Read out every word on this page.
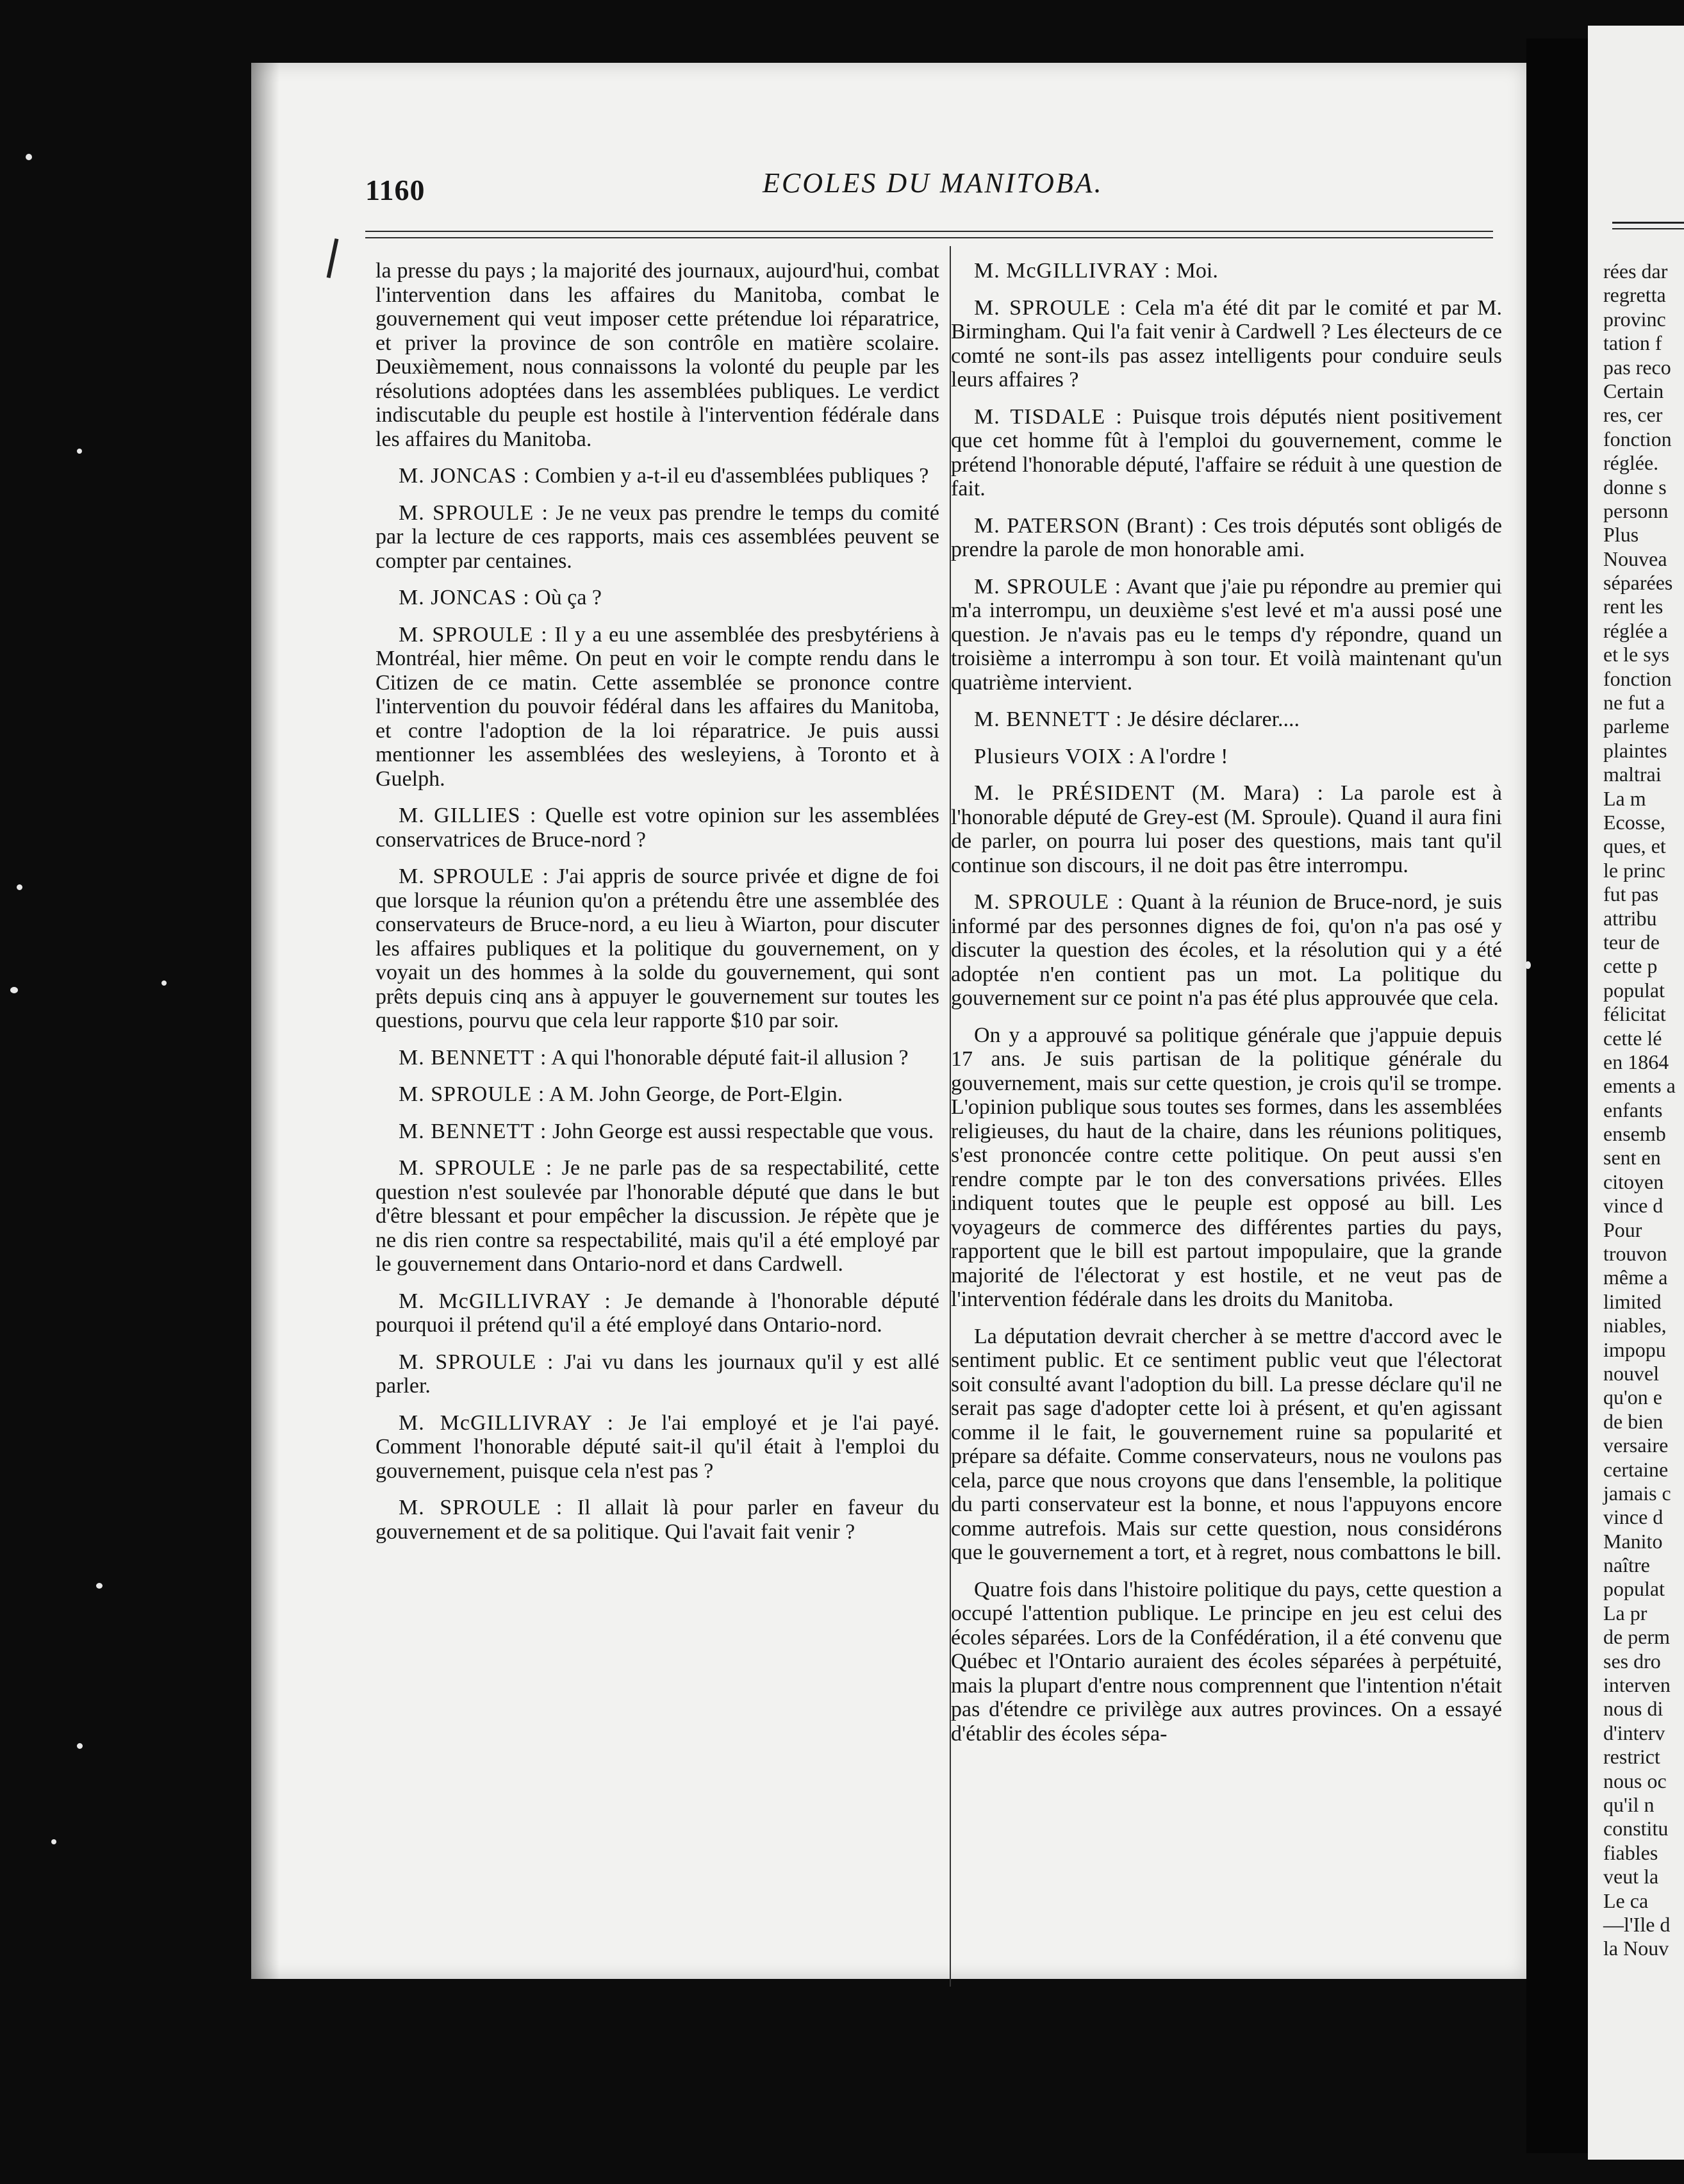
rées dar
regretta
provinc
tation f
pas reco
Certain
res, cer
fonction
réglée.
donne s
personn
Plus
Nouvea
séparées
rent les
réglée a
et le sys
fonction
ne fut a
parleme
plaintes
maltrai
La m
Ecosse,
ques, et
le princ
fut pas
attribu
teur de
cette p
populat
félicitat
cette lé
en 1864
ements a
enfants
ensemb
sent en
citoyen
vince d
Pour
trouvon
même a
limited
niables,
impopu
nouvel
qu'on e
de bien
versaire
certaine
jamais c
vince d
Manito
naître
populat
La pr
de perm
ses dro
interven
nous di
d'interv
restrict
nous oc
qu'il n
constitu
fiables
veut la
Le ca
—l'Ile d
la Nouv
1160	ECOLES DU MANITOBA.

la presse du pays ; la majorité des journaux, aujourd'hui, combat l'intervention dans les affaires du Manitoba, combat le gouvernement qui veut imposer cette prétendue loi réparatrice, et priver la province de son contrôle en matière scolaire. Deuxièmement, nous connaissons la volonté du peuple par les résolutions adoptées dans les assemblées publiques. Le verdict indiscutable du peuple est hostile à l'intervention fédérale dans les affaires du Manitoba.

M. JONCAS : Combien y a-t-il eu d'assemblées publiques ?

M. SPROULE : Je ne veux pas prendre le temps du comité par la lecture de ces rapports, mais ces assemblées peuvent se compter par centaines.

M. JONCAS : Où ça ?

M. SPROULE : Il y a eu une assemblée des presbytériens à Montréal, hier même. On peut en voir le compte rendu dans le Citizen de ce matin. Cette assemblée se prononce contre l'intervention du pouvoir fédéral dans les affaires du Manitoba, et contre l'adoption de la loi réparatrice. Je puis aussi mentionner les assemblées des wesleyiens, à Toronto et à Guelph.

M. GILLIES : Quelle est votre opinion sur les assemblées conservatrices de Bruce-nord ?

M. SPROULE : J'ai appris de source privée et digne de foi que lorsque la réunion qu'on a prétendu être une assemblée des conservateurs de Bruce-nord, a eu lieu à Wiarton, pour discuter les affaires publiques et la politique du gouvernement, on y voyait un des hommes à la solde du gouvernement, qui sont prêts depuis cinq ans à appuyer le gouvernement sur toutes les questions, pourvu que cela leur rapporte $10 par soir.

M. BENNETT : A qui l'honorable député fait-il allusion ?

M. SPROULE : A M. John George, de Port-Elgin.

M. BENNETT : John George est aussi respectable que vous.

M. SPROULE : Je ne parle pas de sa respectabilité, cette question n'est soulevée par l'honorable député que dans le but d'être blessant et pour empêcher la discussion. Je répète que je ne dis rien contre sa respectabilité, mais qu'il a été employé par le gouvernement dans Ontario-nord et dans Cardwell.

M. McGILLIVRAY : Je demande à l'honorable député pourquoi il prétend qu'il a été employé dans Ontario-nord.

M. SPROULE : J'ai vu dans les journaux qu'il y est allé parler.

M. McGILLIVRAY : Je l'ai employé et je l'ai payé. Comment l'honorable député sait-il qu'il était à l'emploi du gouvernement, puisque cela n'est pas ?

M. SPROULE : Il allait là pour parler en faveur du gouvernement et de sa politique. Qui l'avait fait venir ?

M. McGILLIVRAY : Moi.

M. SPROULE : Cela m'a été dit par le comité et par M. Birmingham. Qui l'a fait venir à Cardwell ? Les électeurs de ce comté ne sont-ils pas assez intelligents pour conduire seuls leurs affaires ?

M. TISDALE : Puisque trois députés nient positivement que cet homme fût à l'emploi du gouvernement, comme le prétend l'honorable député, l'affaire se réduit à une question de fait.

M. PATERSON (Brant) : Ces trois députés sont obligés de prendre la parole de mon honorable ami.

M. SPROULE : Avant que j'aie pu répondre au premier qui m'a interrompu, un deuxième s'est levé et m'a aussi posé une question. Je n'avais pas eu le temps d'y répondre, quand un troisième a interrompu à son tour. Et voilà maintenant qu'un quatrième intervient.

M. BENNETT : Je désire déclarer....

Plusieurs VOIX : A l'ordre !

M. le PRÉSIDENT (M. Mara) : La parole est à l'honorable député de Grey-est (M. Sproule). Quand il aura fini de parler, on pourra lui poser des questions, mais tant qu'il continue son discours, il ne doit pas être interrompu.

M. SPROULE : Quant à la réunion de Bruce-nord, je suis informé par des personnes dignes de foi, qu'on n'a pas osé y discuter la question des écoles, et la résolution qui y a été adoptée n'en contient pas un mot. La politique du gouvernement sur ce point n'a pas été plus approuvée que cela.

On y a approuvé sa politique générale que j'appuie depuis 17 ans. Je suis partisan de la politique générale du gouvernement, mais sur cette question, je crois qu'il se trompe. L'opinion publique sous toutes ses formes, dans les assemblées religieuses, du haut de la chaire, dans les réunions politiques, s'est prononcée contre cette politique. On peut aussi s'en rendre compte par le ton des conversations privées. Elles indiquent toutes que le peuple est opposé au bill. Les voyageurs de commerce des différentes parties du pays, rapportent que le bill est partout impopulaire, que la grande majorité de l'électorat y est hostile, et ne veut pas de l'intervention fédérale dans les droits du Manitoba.

La députation devrait chercher à se mettre d'accord avec le sentiment public. Et ce sentiment public veut que l'électorat soit consulté avant l'adoption du bill. La presse déclare qu'il ne serait pas sage d'adopter cette loi à présent, et qu'en agissant comme il le fait, le gouvernement ruine sa popularité et prépare sa défaite. Comme conservateurs, nous ne voulons pas cela, parce que nous croyons que dans l'ensemble, la politique du parti conservateur est la bonne, et nous l'appuyons encore comme autrefois. Mais sur cette question, nous considérons que le gouvernement a tort, et à regret, nous combattons le bill.

Quatre fois dans l'histoire politique du pays, cette question a occupé l'attention publique. Le principe en jeu est celui des écoles séparées. Lors de la Confédération, il a été convenu que Québec et l'Ontario auraient des écoles séparées à perpétuité, mais la plupart d'entre nous comprennent que l'intention n'était pas d'étendre ce privilège aux autres provinces. On a essayé d'établir des écoles sépa-
